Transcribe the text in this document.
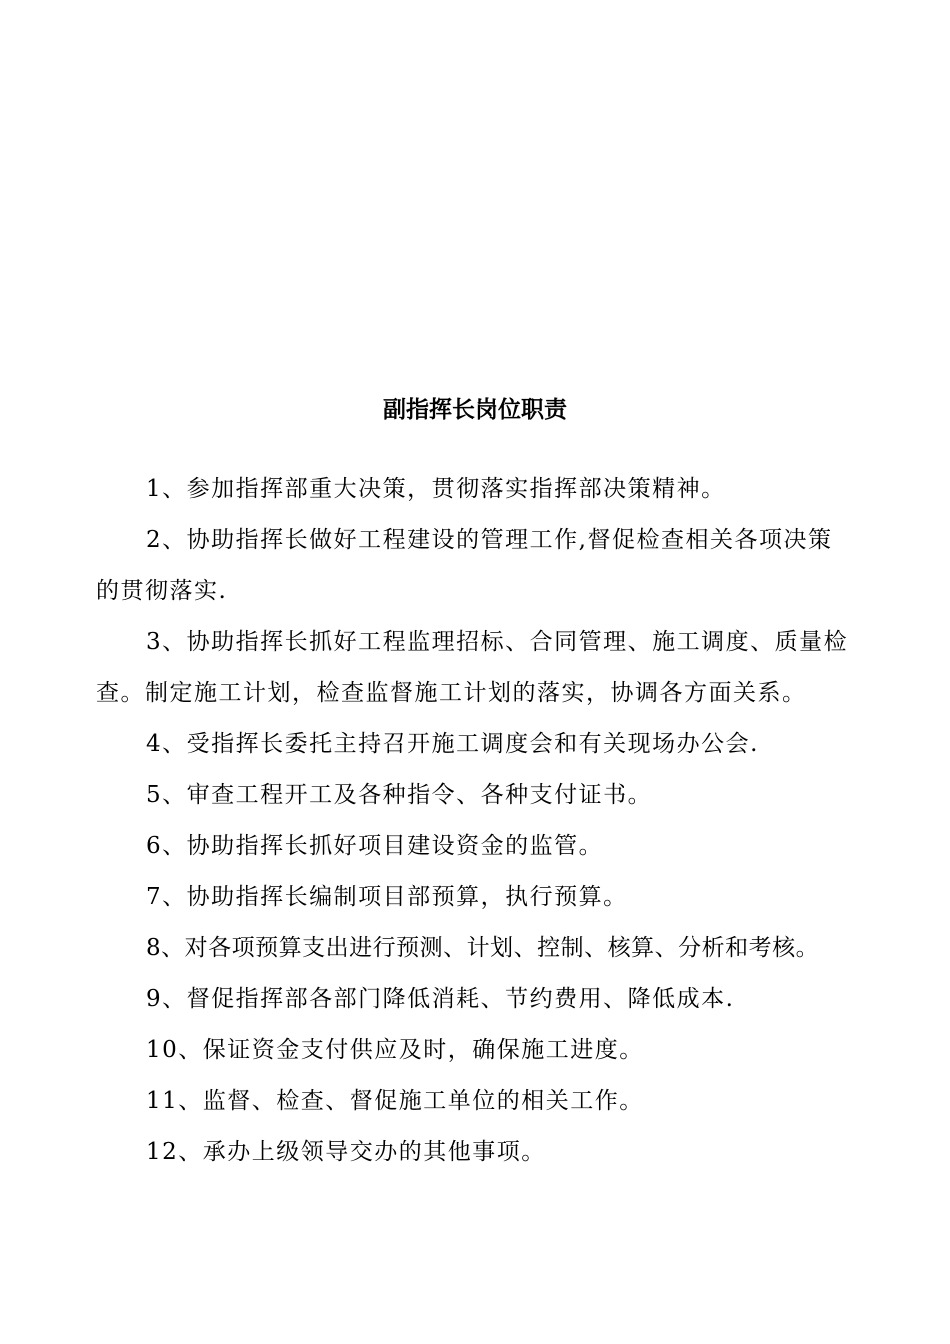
副指挥长岗位职责
1、参加指挥部重大决策，贯彻落实指挥部决策精神。
2、协助指挥长做好工程建设的管理工作,督促检查相关各项决策的贯彻落实.
3、协助指挥长抓好工程监理招标、合同管理、施工调度、质量检查。制定施工计划，检查监督施工计划的落实，协调各方面关系。
4、受指挥长委托主持召开施工调度会和有关现场办公会.
5、审查工程开工及各种指令、各种支付证书。
6、协助指挥长抓好项目建设资金的监管。
7、协助指挥长编制项目部预算，执行预算。
8、对各项预算支出进行预测、计划、控制、核算、分析和考核。
9、督促指挥部各部门降低消耗、节约费用、降低成本.
10、保证资金支付供应及时，确保施工进度。
11、监督、检查、督促施工单位的相关工作。
12、承办上级领导交办的其他事项。
